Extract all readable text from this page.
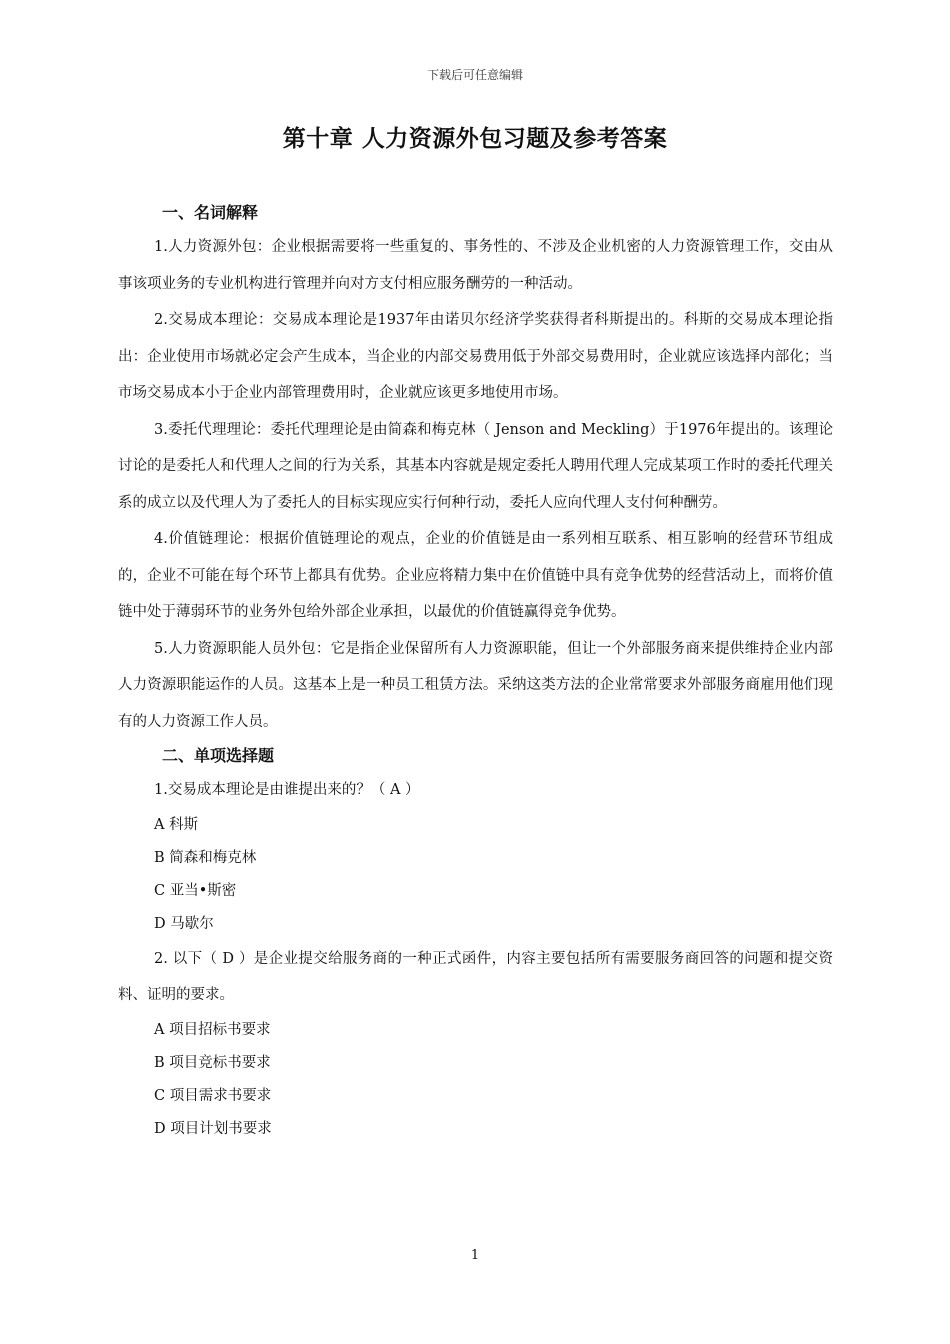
下载后可任意编辑
第十章 人力资源外包习题及参考答案
一、名词解释

1.人力资源外包：企业根据需要将一些重复的、事务性的、不涉及企业机密的人力资源管理工作，交由从事该项业务的专业机构进行管理并向对方支付相应服务酬劳的一种活动。

2.交易成本理论：交易成本理论是1937年由诺贝尔经济学奖获得者科斯提出的。科斯的交易成本理论指出：企业使用市场就必定会产生成本，当企业的内部交易费用低于外部交易费用时，企业就应该选择内部化；当市场交易成本小于企业内部管理费用时，企业就应该更多地使用市场。

3.委托代理理论：委托代理理论是由简森和梅克林（ Jenson and Meckling）于1976年提出的。该理论讨论的是委托人和代理人之间的行为关系，其基本内容就是规定委托人聘用代理人完成某项工作时的委托代理关系的成立以及代理人为了委托人的目标实现应实行何种行动，委托人应向代理人支付何种酬劳。

4.价值链理论：根据价值链理论的观点，企业的价值链是由一系列相互联系、相互影响的经营环节组成的，企业不可能在每个环节上都具有优势。企业应将精力集中在价值链中具有竞争优势的经营活动上，而将价值链中处于薄弱环节的业务外包给外部企业承担，以最优的价值链赢得竞争优势。

5.人力资源职能人员外包：它是指企业保留所有人力资源职能，但让一个外部服务商来提供维持企业内部人力资源职能运作的人员。这基本上是一种员工租赁方法。采纳这类方法的企业常常要求外部服务商雇用他们现有的人力资源工作人员。

二、单项选择题

1.交易成本理论是由谁提出来的？（ A ）

A 科斯

B 简森和梅克林

C 亚当•斯密

D 马歇尔

2. 以下（ D ）是企业提交给服务商的一种正式函件，内容主要包括所有需要服务商回答的问题和提交资料、证明的要求。

A 项目招标书要求

B 项目竞标书要求

C 项目需求书要求

D 项目计划书要求

1
